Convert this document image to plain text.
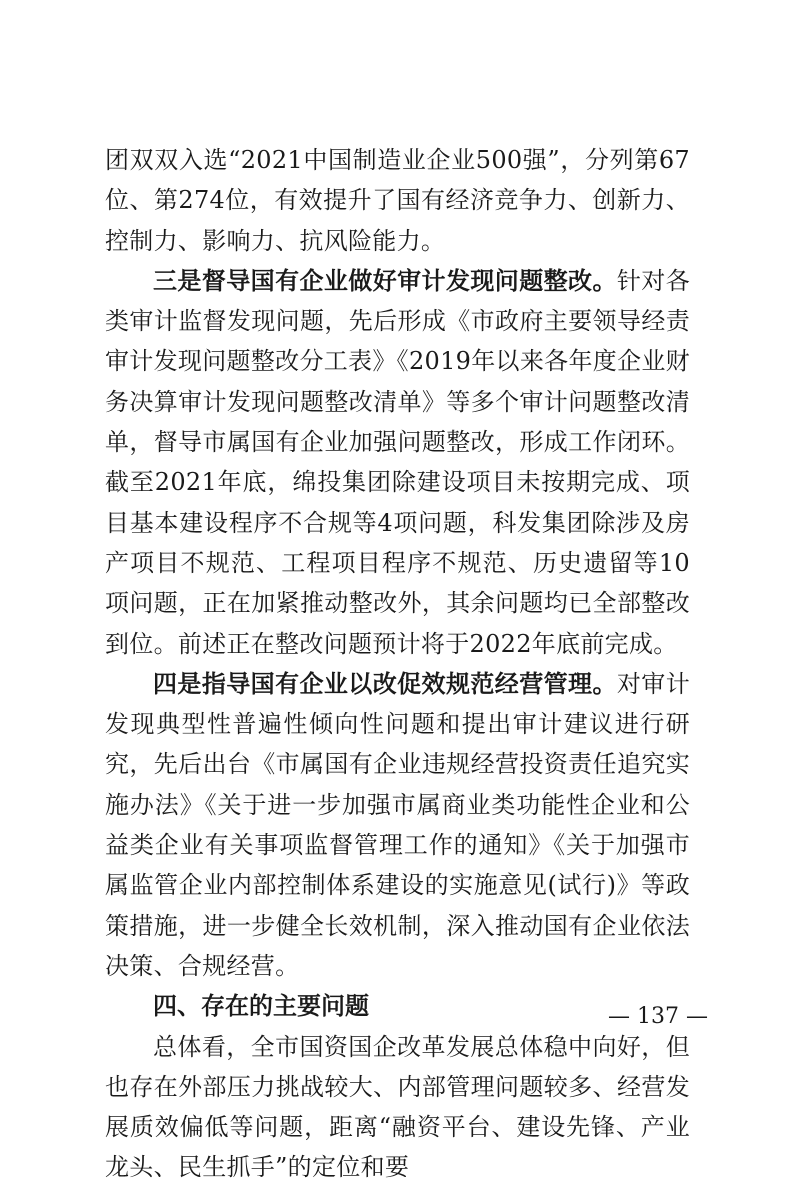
团双双入选“2021中国制造业企业500强”，分列第67位、第274位，有效提升了国有经济竞争力、创新力、控制力、影响力、抗风险能力。

三是督导国有企业做好审计发现问题整改。针对各类审计监督发现问题，先后形成《市政府主要领导经责审计发现问题整改分工表》《2019年以来各年度企业财务决算审计发现问题整改清单》等多个审计问题整改清单，督导市属国有企业加强问题整改，形成工作闭环。截至2021年底，绵投集团除建设项目未按期完成、项目基本建设程序不合规等4项问题，科发集团除涉及房产项目不规范、工程项目程序不规范、历史遗留等10项问题，正在加紧推动整改外，其余问题均已全部整改到位。前述正在整改问题预计将于2022年底前完成。

四是指导国有企业以改促效规范经营管理。对审计发现典型性普遍性倾向性问题和提出审计建议进行研究，先后出台《市属国有企业违规经营投资责任追究实施办法》《关于进一步加强市属商业类功能性企业和公益类企业有关事项监督管理工作的通知》《关于加强市属监管企业内部控制体系建设的实施意见(试行)》等政策措施，进一步健全长效机制，深入推动国有企业依法决策、合规经营。

四、存在的主要问题

总体看，全市国资国企改革发展总体稳中向好，但也存在外部压力挑战较大、内部管理问题较多、经营发展质效偏低等问题，距离“融资平台、建设先锋、产业龙头、民生抓手”的定位和要

— 137 —
